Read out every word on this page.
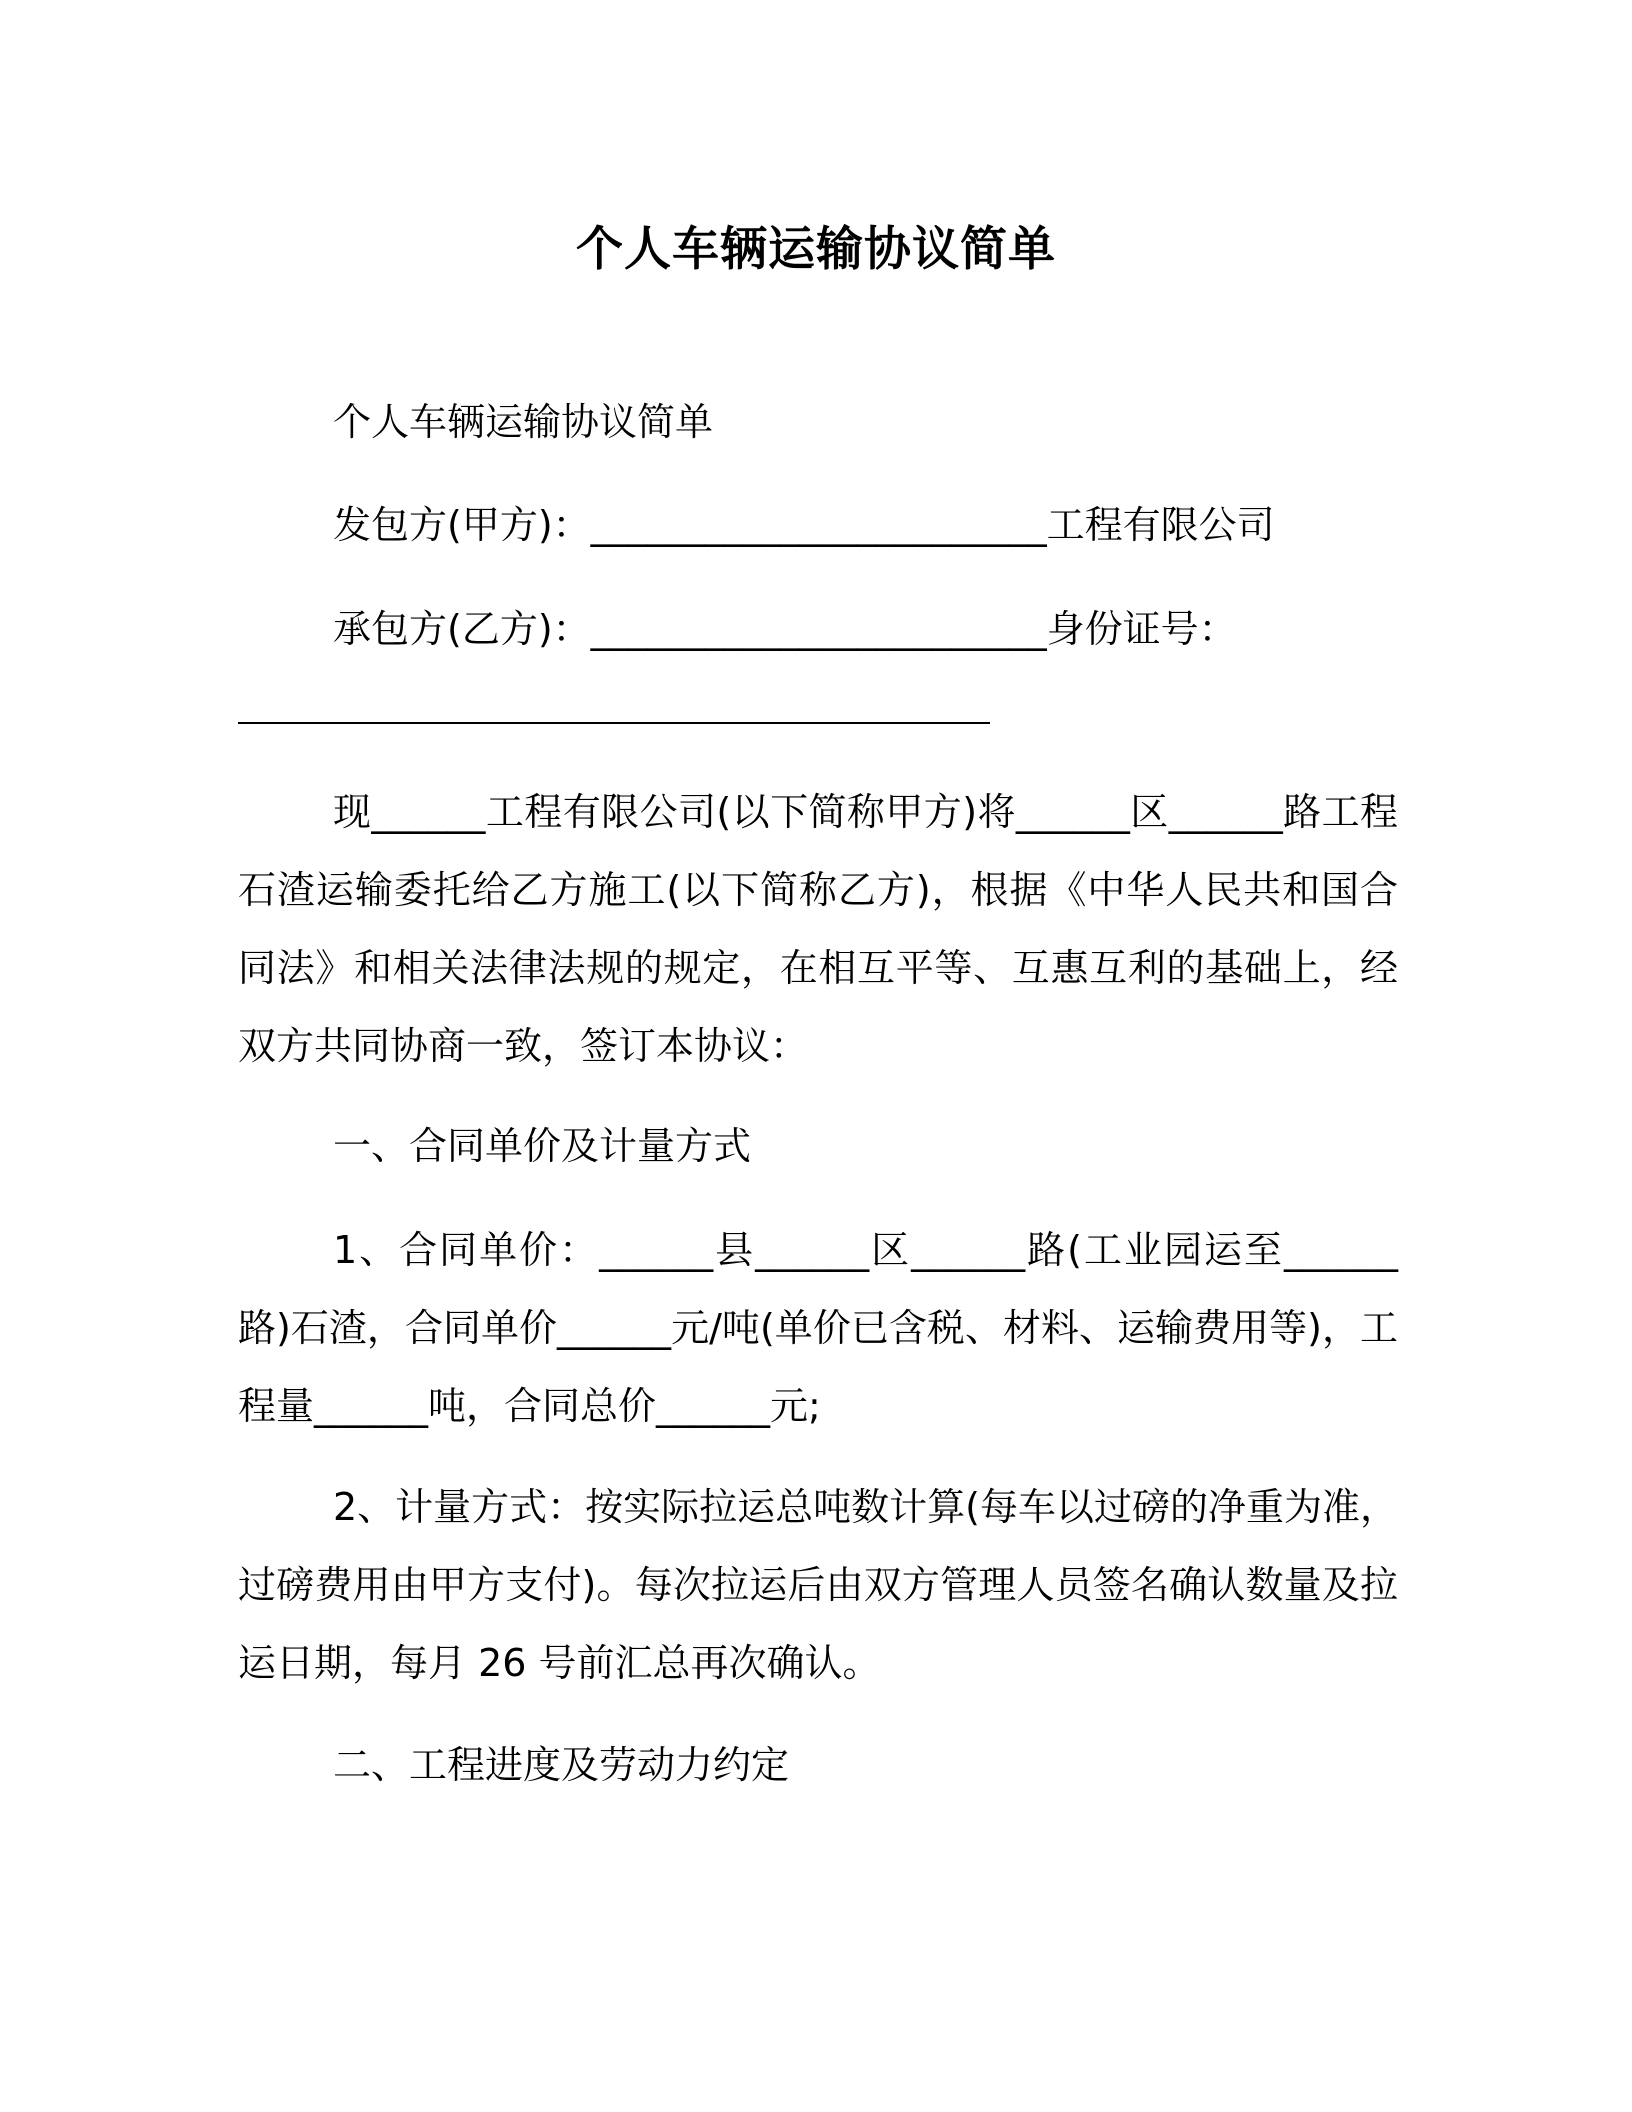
个人车辆运输协议简单
个人车辆运输协议简单
发包方(甲方)：________________________工程有限公司
承包方(乙方)：________________________身份证号：
现______工程有限公司(以下简称甲方)将______区______路工程石渣运输委托给乙方施工(以下简称乙方)，根据《中华人民共和国合同法》和相关法律法规的规定，在相互平等、互惠互利的基础上，经双方共同协商一致，签订本协议：
一、合同单价及计量方式
1、合同单价：______县______区______路(工业园运至______路)石渣，合同单价______元/吨(单价已含税、材料、运输费用等)，工程量______吨，合同总价______元;
2、计量方式：按实际拉运总吨数计算(每车以过磅的净重为准，过磅费用由甲方支付)。每次拉运后由双方管理人员签名确认数量及拉运日期，每月 26 号前汇总再次确认。
二、工程进度及劳动力约定
